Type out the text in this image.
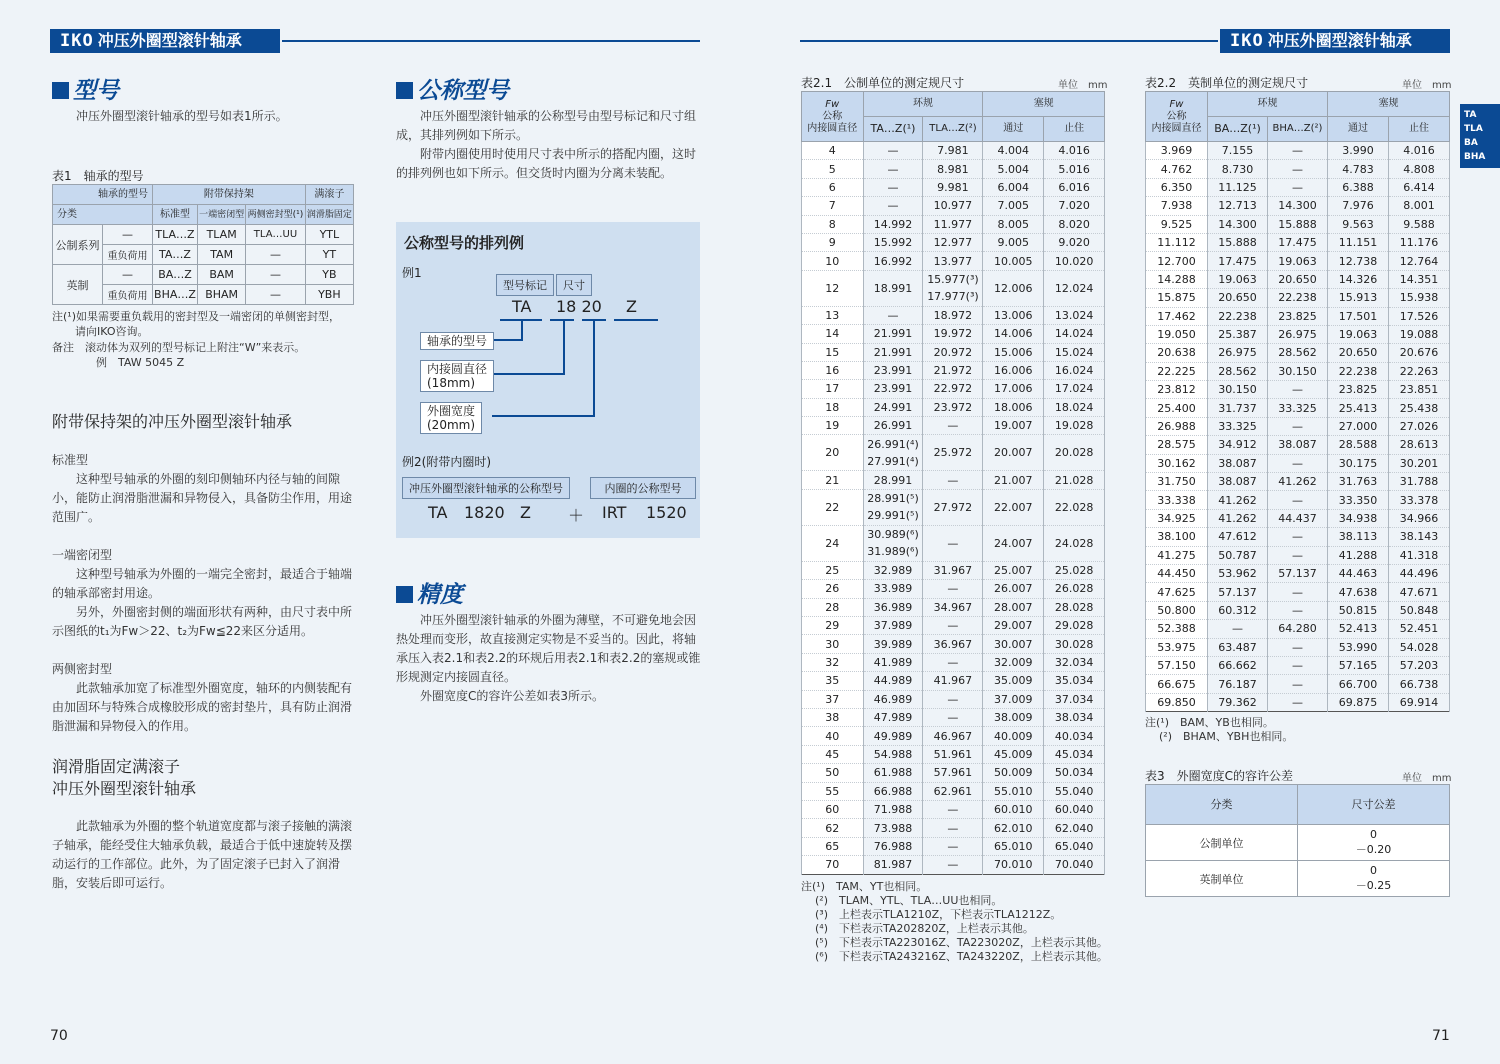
IKO 冲压外圈型滚针轴承
型号
冲压外圈型滚针轴承的型号如表1所示。
表1　轴承的型号
轴承的型号		附带保持架			满滚子
分类		标准型	一端密闭型	两侧密封型(¹)	润滑脂固定
公制系列	—	TLA…Z	TLAM	TLA…UU	YTL
	重负荷用	TA…Z	TAM	—	YT
英制	—	BA…Z	BAM	—	YB
	重负荷用	BHA…Z	BHAM	—	YBH
注(¹)如果需要重负载用的密封型及一端密闭的单侧密封型，
请向IKO咨询。
备注　滚动体为双列的型号标记上附注“W”来表示。
例　TAW 5045 Z
附带保持架的冲压外圈型滚针轴承
标准型
这种型号轴承的外圈的刻印侧轴环内径与轴的间隙小，能防止润滑脂泄漏和异物侵入，具备防尘作用，用途范围广。
一端密闭型
这种型号轴承为外圈的一端完全密封，最适合于轴端的轴承部密封用途。
另外，外圈密封侧的端面形状有两种，由尺寸表中所示图纸的t₁为Fw＞22、t₂为Fw≦22来区分适用。
两侧密封型
此款轴承加宽了标准型外圈宽度，轴环的内侧装配有由加固环与特殊合成橡胶形成的密封垫片，具有防止润滑脂泄漏和异物侵入的作用。
润滑脂固定满滚子
冲压外圈型滚针轴承
此款轴承为外圈的整个轨道宽度都与滚子接触的满滚子轴承，能经受住大轴承负载，最适合于低中速旋转及摆动运行的工作部位。此外，为了固定滚子已封入了润滑脂，安装后即可运行。
公称型号
冲压外圈型滚针轴承的公称型号由型号标记和尺寸组成，其排列例如下所示。
附带内圈使用时使用尺寸表中所示的搭配内圈，这时的排列例也如下所示。但交货时内圈为分离未装配。
公称型号的排列例
例1
型号标记	尺寸
TA 18 20 Z
轴承的型号
内接圆直径
(18mm)
外圈宽度
(20mm)
例2(附带内圈时)
冲压外圈型滚针轴承的公称型号	内圈的公称型号
TA 1820 Z ＋ IRT 1520
精度
冲压外圈型滚针轴承的外圈为薄壁，不可避免地会因热处理而变形，故直接测定实物是不妥当的。因此，将轴承压入表2.1和表2.2的环规后用表2.1和表2.2的塞规或锥形规测定内接圆直径。
外圈宽度C的容许公差如表3所示。
70
IKO 冲压外圈型滚针轴承
TA
TLA
BA
BHA
表2.1　公制单位的测定规尺寸	单位　mm
Fw
公称
内接圆直径	环规		塞规	
	TA…Z(¹)	TLA…Z(²)	通过	止住
4	—	7.981	4.004	4.016
5	—	8.981	5.004	5.016
6	—	9.981	6.004	6.016
7	—	10.977	7.005	7.020
8	14.992	11.977	8.005	8.020
9	15.992	12.977	9.005	9.020
10	16.992	13.977	10.005	10.020
12	18.991	15.977(³)
17.977(³)	12.006	12.024
13	—	18.972	13.006	13.024
14	21.991	19.972	14.006	14.024
15	21.991	20.972	15.006	15.024
16	23.991	21.972	16.006	16.024
17	23.991	22.972	17.006	17.024
18	24.991	23.972	18.006	18.024
19	26.991	—	19.007	19.028
20	26.991(⁴)
27.991(⁴)	25.972	20.007	20.028
21	28.991	—	21.007	21.028
22	28.991(⁵)
29.991(⁵)	27.972	22.007	22.028
24	30.989(⁶)
31.989(⁶)	—	24.007	24.028
25	32.989	31.967	25.007	25.028
26	33.989	—	26.007	26.028
28	36.989	34.967	28.007	28.028
29	37.989	—	29.007	29.028
30	39.989	36.967	30.007	30.028
32	41.989	—	32.009	32.034
35	44.989	41.967	35.009	35.034
37	46.989	—	37.009	37.034
38	47.989	—	38.009	38.034
40	49.989	46.967	40.009	40.034
45	54.988	51.961	45.009	45.034
50	61.988	57.961	50.009	50.034
55	66.988	62.961	55.010	55.040
60	71.988	—	60.010	60.040
62	73.988	—	62.010	62.040
65	76.988	—	65.010	65.040
70	81.987	—	70.010	70.040
注(¹)　TAM、YT也相同。
(²)　TLAM、YTL、TLA…UU也相同。
(³)　上栏表示TLA1210Z，下栏表示TLA1212Z。
(⁴)　下栏表示TA202820Z，上栏表示其他。
(⁵)　下栏表示TA223016Z、TA223020Z，上栏表示其他。
(⁶)　下栏表示TA243216Z、TA243220Z，上栏表示其他。
表2.2　英制单位的测定规尺寸	单位　mm
Fw
公称
内接圆直径	环规		塞规	
	BA…Z(¹)	BHA…Z(²)	通过	止住
3.969	7.155	—	3.990	4.016
4.762	8.730	—	4.783	4.808
6.350	11.125	—	6.388	6.414
7.938	12.713	14.300	7.976	8.001
9.525	14.300	15.888	9.563	9.588
11.112	15.888	17.475	11.151	11.176
12.700	17.475	19.063	12.738	12.764
14.288	19.063	20.650	14.326	14.351
15.875	20.650	22.238	15.913	15.938
17.462	22.238	23.825	17.501	17.526
19.050	25.387	26.975	19.063	19.088
20.638	26.975	28.562	20.650	20.676
22.225	28.562	30.150	22.238	22.263
23.812	30.150	—	23.825	23.851
25.400	31.737	33.325	25.413	25.438
26.988	33.325	—	27.000	27.026
28.575	34.912	38.087	28.588	28.613
30.162	38.087	—	30.175	30.201
31.750	38.087	41.262	31.763	31.788
33.338	41.262	—	33.350	33.378
34.925	41.262	44.437	34.938	34.966
38.100	47.612	—	38.113	38.143
41.275	50.787	—	41.288	41.318
44.450	53.962	57.137	44.463	44.496
47.625	57.137	—	47.638	47.671
50.800	60.312	—	50.815	50.848
52.388	—	64.280	52.413	52.451
53.975	63.487	—	53.990	54.028
57.150	66.662	—	57.165	57.203
66.675	76.187	—	66.700	66.738
69.850	79.362	—	69.875	69.914
注(¹)　BAM、YB也相同。
(²)　BHAM、YBH也相同。
表3　外圈宽度C的容许公差	单位　mm
分类	尺寸公差
公制单位	0
－0.20

英制单位	0
－0.25
71
